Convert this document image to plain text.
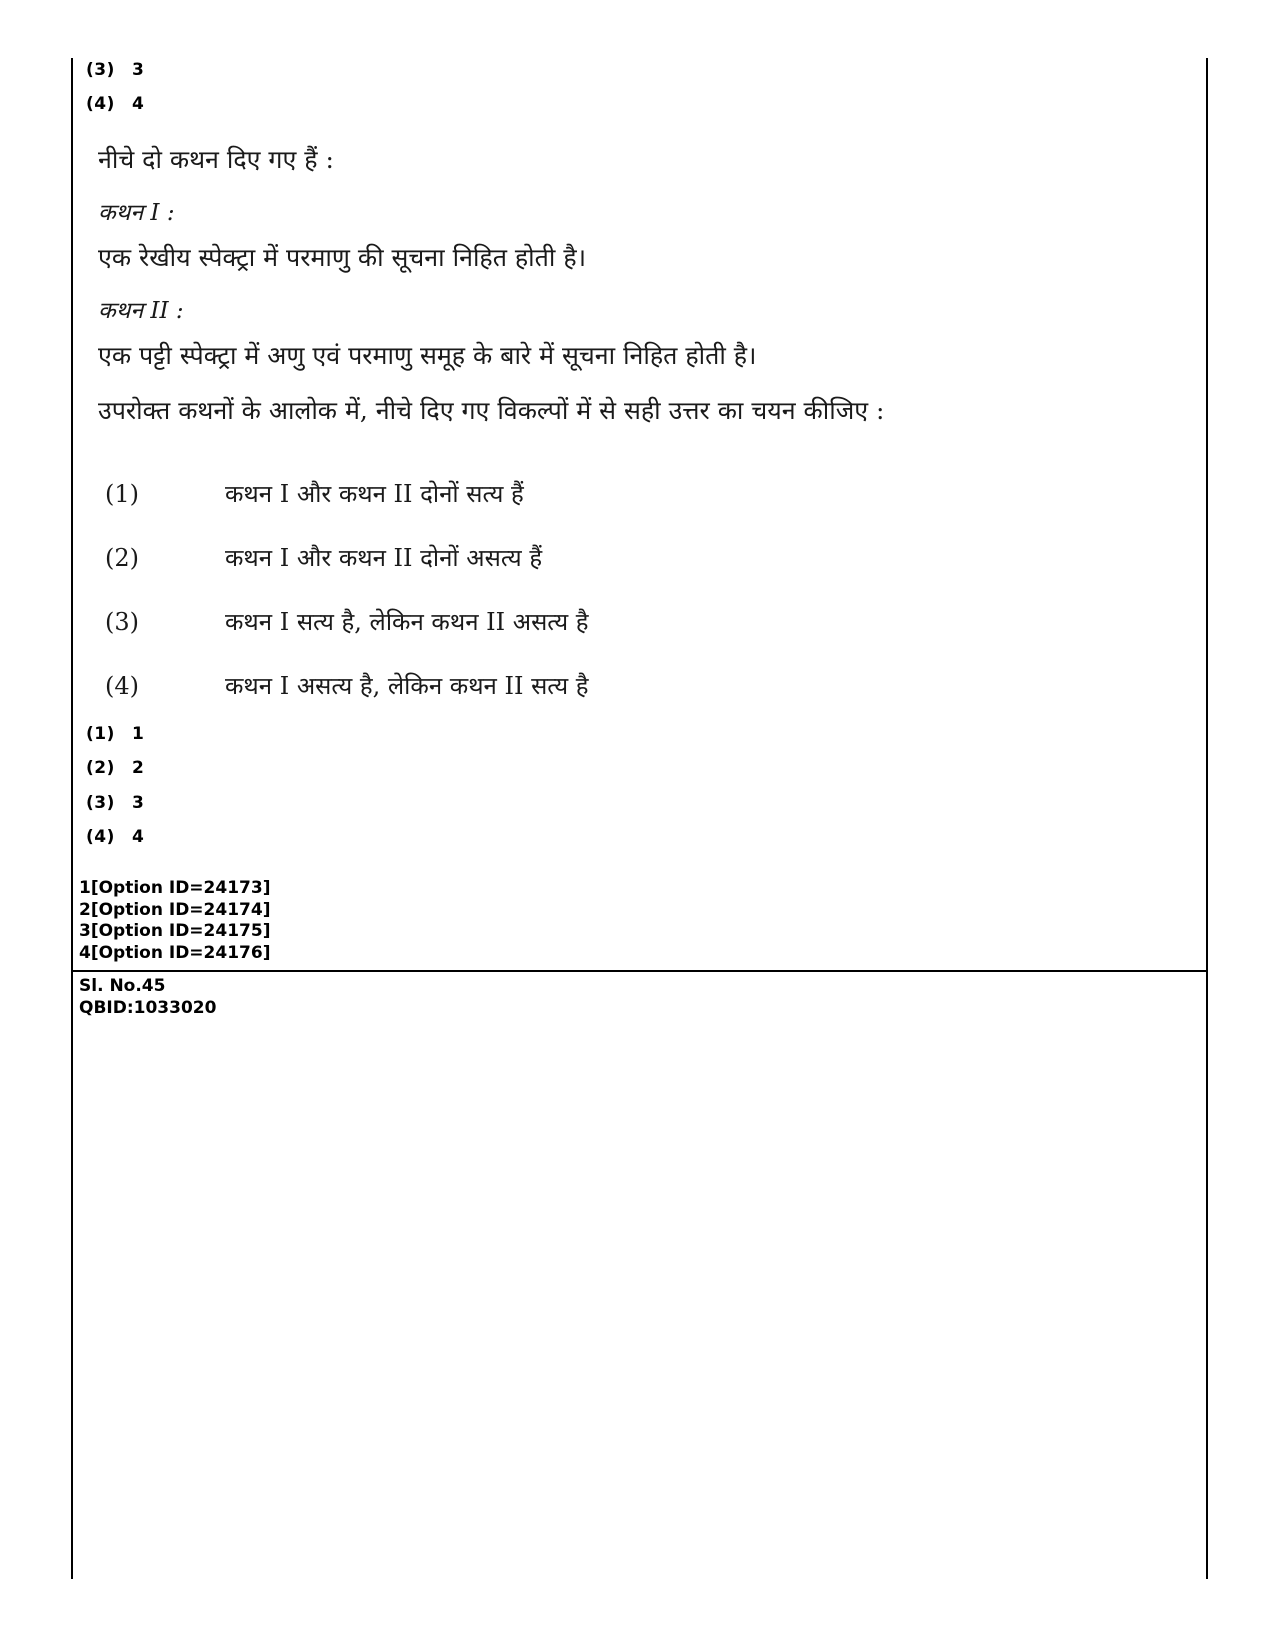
(3) 3
(4) 4
नीचे दो कथन दिए गए हैं :
कथन I :
एक रेखीय स्पेक्ट्रा में परमाणु की सूचना निहित होती है।
कथन II :
एक पट्टी स्पेक्ट्रा में अणु एवं परमाणु समूह के बारे में सूचना निहित होती है।
उपरोक्त कथनों के आलोक में, नीचे दिए गए विकल्पों में से सही उत्तर का चयन कीजिए :
(1)	कथन I और कथन II दोनों सत्य हैं
(2)	कथन I और कथन II दोनों असत्य हैं
(3)	कथन I सत्य है, लेकिन कथन II असत्य है
(4)	कथन I असत्य है, लेकिन कथन II सत्य है
(1) 1
(2) 2
(3) 3
(4) 4
1[Option ID=24173]
2[Option ID=24174]
3[Option ID=24175]
4[Option ID=24176]
Sl. No.45
QBID:1033020
